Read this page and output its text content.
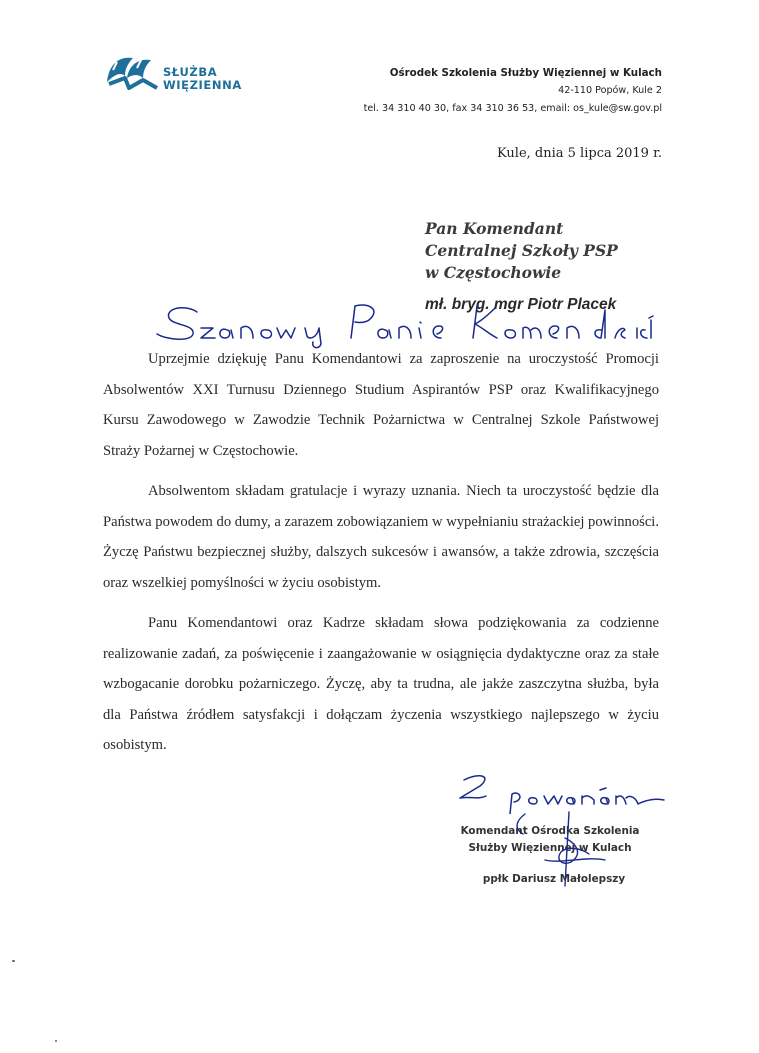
SŁUŻBA
WIĘZIENNA
Ośrodek Szkolenia Służby Więziennej w Kulach
42-110 Popów, Kule 2
tel. 34 310 40 30, fax 34 310 36 53, email: os_kule@sw.gov.pl
Kule, dnia 5 lipca 2019 r.
Pan Komendant
Centralnej Szkoły PSP
w Częstochowie
mł. bryg. mgr Piotr Placek

Uprzejmie dziękuję Panu Komendantowi za zaproszenie na uroczystość Promocji Absolwentów XXI Turnusu Dziennego Studium Aspirantów PSP oraz Kwalifikacyjnego Kursu Zawodowego w Zawodzie Technik Pożarnictwa w Centralnej Szkole Państwowej Straży Pożarnej w Częstochowie.

Absolwentom składam gratulacje i wyrazy uznania. Niech ta uroczystość będzie dla Państwa powodem do dumy, a zarazem zobowiązaniem w wypełnianiu strażackiej powinności. Życzę Państwu bezpiecznej służby, dalszych sukcesów i awansów, a także zdrowia, szczęścia oraz wszelkiej pomyślności w życiu osobistym.

Panu Komendantowi oraz Kadrze składam słowa podziękowania za codzienne realizowanie zadań, za poświęcenie i zaangażowanie w osiągnięcia dydaktyczne oraz za stałe wzbogacanie dorobku pożarniczego. Życzę, aby ta trudna, ale jakże zaszczytna służba, była dla Państwa źródłem satysfakcji i dołączam życzenia wszystkiego najlepszego w życiu osobistym.

Komendant Ośrodka Szkolenia
Służby Więziennej w Kulach
ppłk Dariusz Małolepszy
